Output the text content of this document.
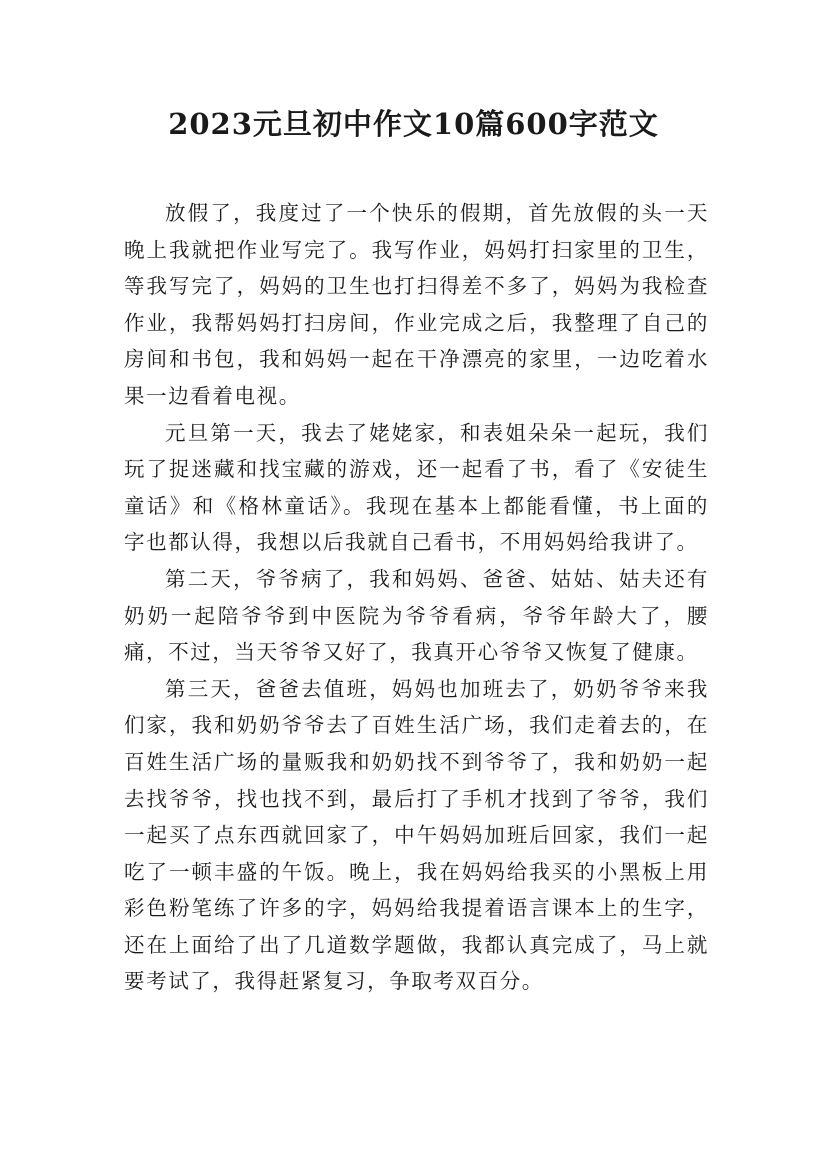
2023元旦初中作文10篇600字范文

放假了，我度过了一个快乐的假期，首先放假的头一天晚上我就把作业写完了。我写作业，妈妈打扫家里的卫生，等我写完了，妈妈的卫生也打扫得差不多了，妈妈为我检查作业，我帮妈妈打扫房间，作业完成之后，我整理了自己的房间和书包，我和妈妈一起在干净漂亮的家里，一边吃着水果一边看着电视。

元旦第一天，我去了姥姥家，和表姐朵朵一起玩，我们玩了捉迷藏和找宝藏的游戏，还一起看了书，看了《安徒生童话》和《格林童话》。我现在基本上都能看懂，书上面的字也都认得，我想以后我就自己看书，不用妈妈给我讲了。

第二天，爷爷病了，我和妈妈、爸爸、姑姑、姑夫还有奶奶一起陪爷爷到中医院为爷爷看病，爷爷年龄大了，腰痛，不过，当天爷爷又好了，我真开心爷爷又恢复了健康。

第三天，爸爸去值班，妈妈也加班去了，奶奶爷爷来我们家，我和奶奶爷爷去了百姓生活广场，我们走着去的，在百姓生活广场的量贩我和奶奶找不到爷爷了，我和奶奶一起去找爷爷，找也找不到，最后打了手机才找到了爷爷，我们一起买了点东西就回家了，中午妈妈加班后回家，我们一起吃了一顿丰盛的午饭。晚上，我在妈妈给我买的小黑板上用彩色粉笔练了许多的字，妈妈给我提着语言课本上的生字，还在上面给了出了几道数学题做，我都认真完成了，马上就要考试了，我得赶紧复习，争取考双百分。
